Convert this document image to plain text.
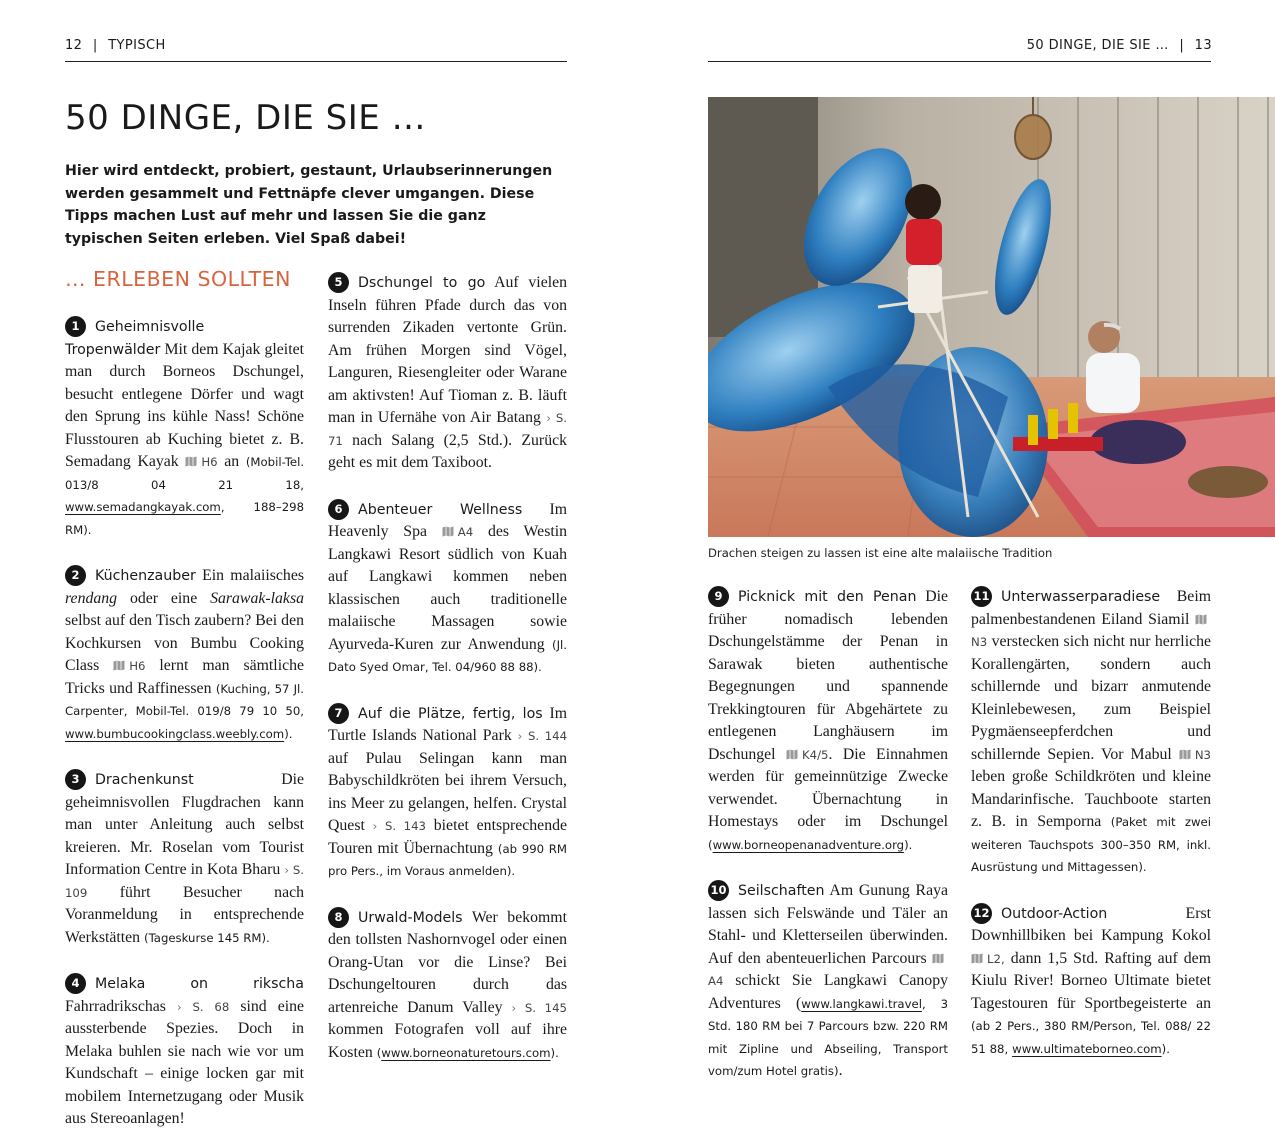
12 | TYPISCH	50 DINGE, DIE SIE … | 13
50 DINGE, DIE SIE …

Hier wird entdeckt, probiert, gestaunt, Urlaubserinnerungen werden gesammelt und Fettnäpfe clever umgangen. Diese Tipps machen Lust auf mehr und lassen Sie die ganz typischen Seiten erleben. Viel Spaß dabei!

… ERLEBEN SOLLTEN

1 Geheimnisvolle Tropenwälder Mit dem Kajak gleitet man durch Borneos Dschungel, besucht entlegene Dörfer und wagt den Sprung ins kühle Nass! Schöne Flusstouren ab Kuching bietet z. B. Semadang Kayak H6 an (Mobil-Tel. 013/8 04 21 18, www.semadangkayak.com, 188–298 RM).

2 Küchenzauber Ein malaiisches rendang oder eine Sarawak-laksa selbst auf den Tisch zaubern? Bei den Kochkursen von Bumbu Cooking Class	H6 lernt man sämtliche Tricks und Raffinessen (Kuching, 57 Jl. Carpenter, Mobil-Tel. 019/8 79 10 50, www.bumbucookingclass.weebly.com).

3 Drachenkunst	Die geheimnisvollen Flugdrachen kann man unter Anleitung auch selbst kreieren. Mr. Roselan vom Tourist Information Centre in Kota Bharu › S. 109 führt Besucher nach Voranmeldung in entsprechende Werkstätten (Tageskurse 145 RM).

4 Melaka on rikscha Fahrradrikschas › S. 68 sind eine aussterbende Spezies. Doch in Melaka buhlen sie nach wie vor um Kundschaft – einige locken gar mit mobilem Internetzugang oder Musik aus Stereoanlagen!

5 Dschungel to go Auf vielen Inseln führen Pfade durch das von surrenden Zikaden vertonte Grün. Am frühen Morgen sind Vögel, Languren, Riesengleiter oder Warane am aktivsten! Auf Tioman z. B. läuft man in Ufernähe von Air Batang › S. 71 nach Salang (2,5 Std.). Zurück geht es mit dem Taxiboot.

6 Abenteuer Wellness Im Heavenly Spa	A4 des Westin Langkawi Resort südlich von Kuah auf Langkawi kommen neben klassischen auch traditionelle malaiische Massagen sowie Ayurveda-Kuren zur Anwendung (Jl. Dato Syed Omar, Tel. 04/960 88 88).

7 Auf die Plätze, fertig, los Im Turtle Islands National Park › S. 144 auf Pulau Selingan kann man Babyschildkröten bei ihrem Versuch, ins Meer zu gelangen, helfen. Crystal Quest › S. 143 bietet entsprechende Touren mit Übernachtung (ab 990 RM pro Pers., im Voraus anmelden).

8 Urwald-Models Wer bekommt den tollsten Nashornvogel oder einen Orang-Utan vor die Linse? Bei Dschungeltouren durch das artenreiche Danum Valley › S. 145 kommen Fotografen voll auf ihre Kosten (www.borneonaturetours.com).

Drachen steigen zu lassen ist eine alte malaiische Tradition

9 Picknick mit den Penan Die früher nomadisch lebenden Dschungelstämme der Penan in Sarawak bieten authentische Begegnungen und spannende Trekkingtouren für Abgehärtete zu entlegenen Langhäusern im Dschungel K4/5. Die Einnahmen werden für gemeinnützige Zwecke verwendet. Übernachtung in Homestays oder im Dschungel (www.borneopenanadventure.org).

10 Seilschaften Am Gunung Raya lassen sich Felswände und Täler an Stahl- und Kletterseilen überwinden. Auf den abenteuerlichen Parcours A4 schickt Sie Langkawi Canopy Adventures (www.langkawi.travel, 3 Std. 180 RM bei 7 Parcours bzw. 220 RM mit Zipline und Abseiling, Transport vom/zum Hotel gratis).

11 Unterwasserparadiese Beim palmenbestandenen Eiland Siamil N3 verstecken sich nicht nur herrliche Korallengärten, sondern auch schillernde und bizarr anmutende Kleinlebewesen, zum Beispiel Pygmäenseepferdchen und schillernde Sepien. Vor Mabul N3 leben große Schildkröten und kleine Mandarinfische. Tauchboote starten z. B. in Semporna (Paket mit zwei weiteren Tauchspots 300–350 RM, inkl. Ausrüstung und Mittagessen).

12 Outdoor-Action	Erst Downhillbiken bei Kampung Kokol L2, dann 1,5 Std. Rafting auf dem Kiulu River! Borneo Ultimate bietet Tagestouren für Sportbegeisterte an (ab 2 Pers., 380 RM/Person, Tel. 088/ 22 51 88, www.ultimateborneo.com).
